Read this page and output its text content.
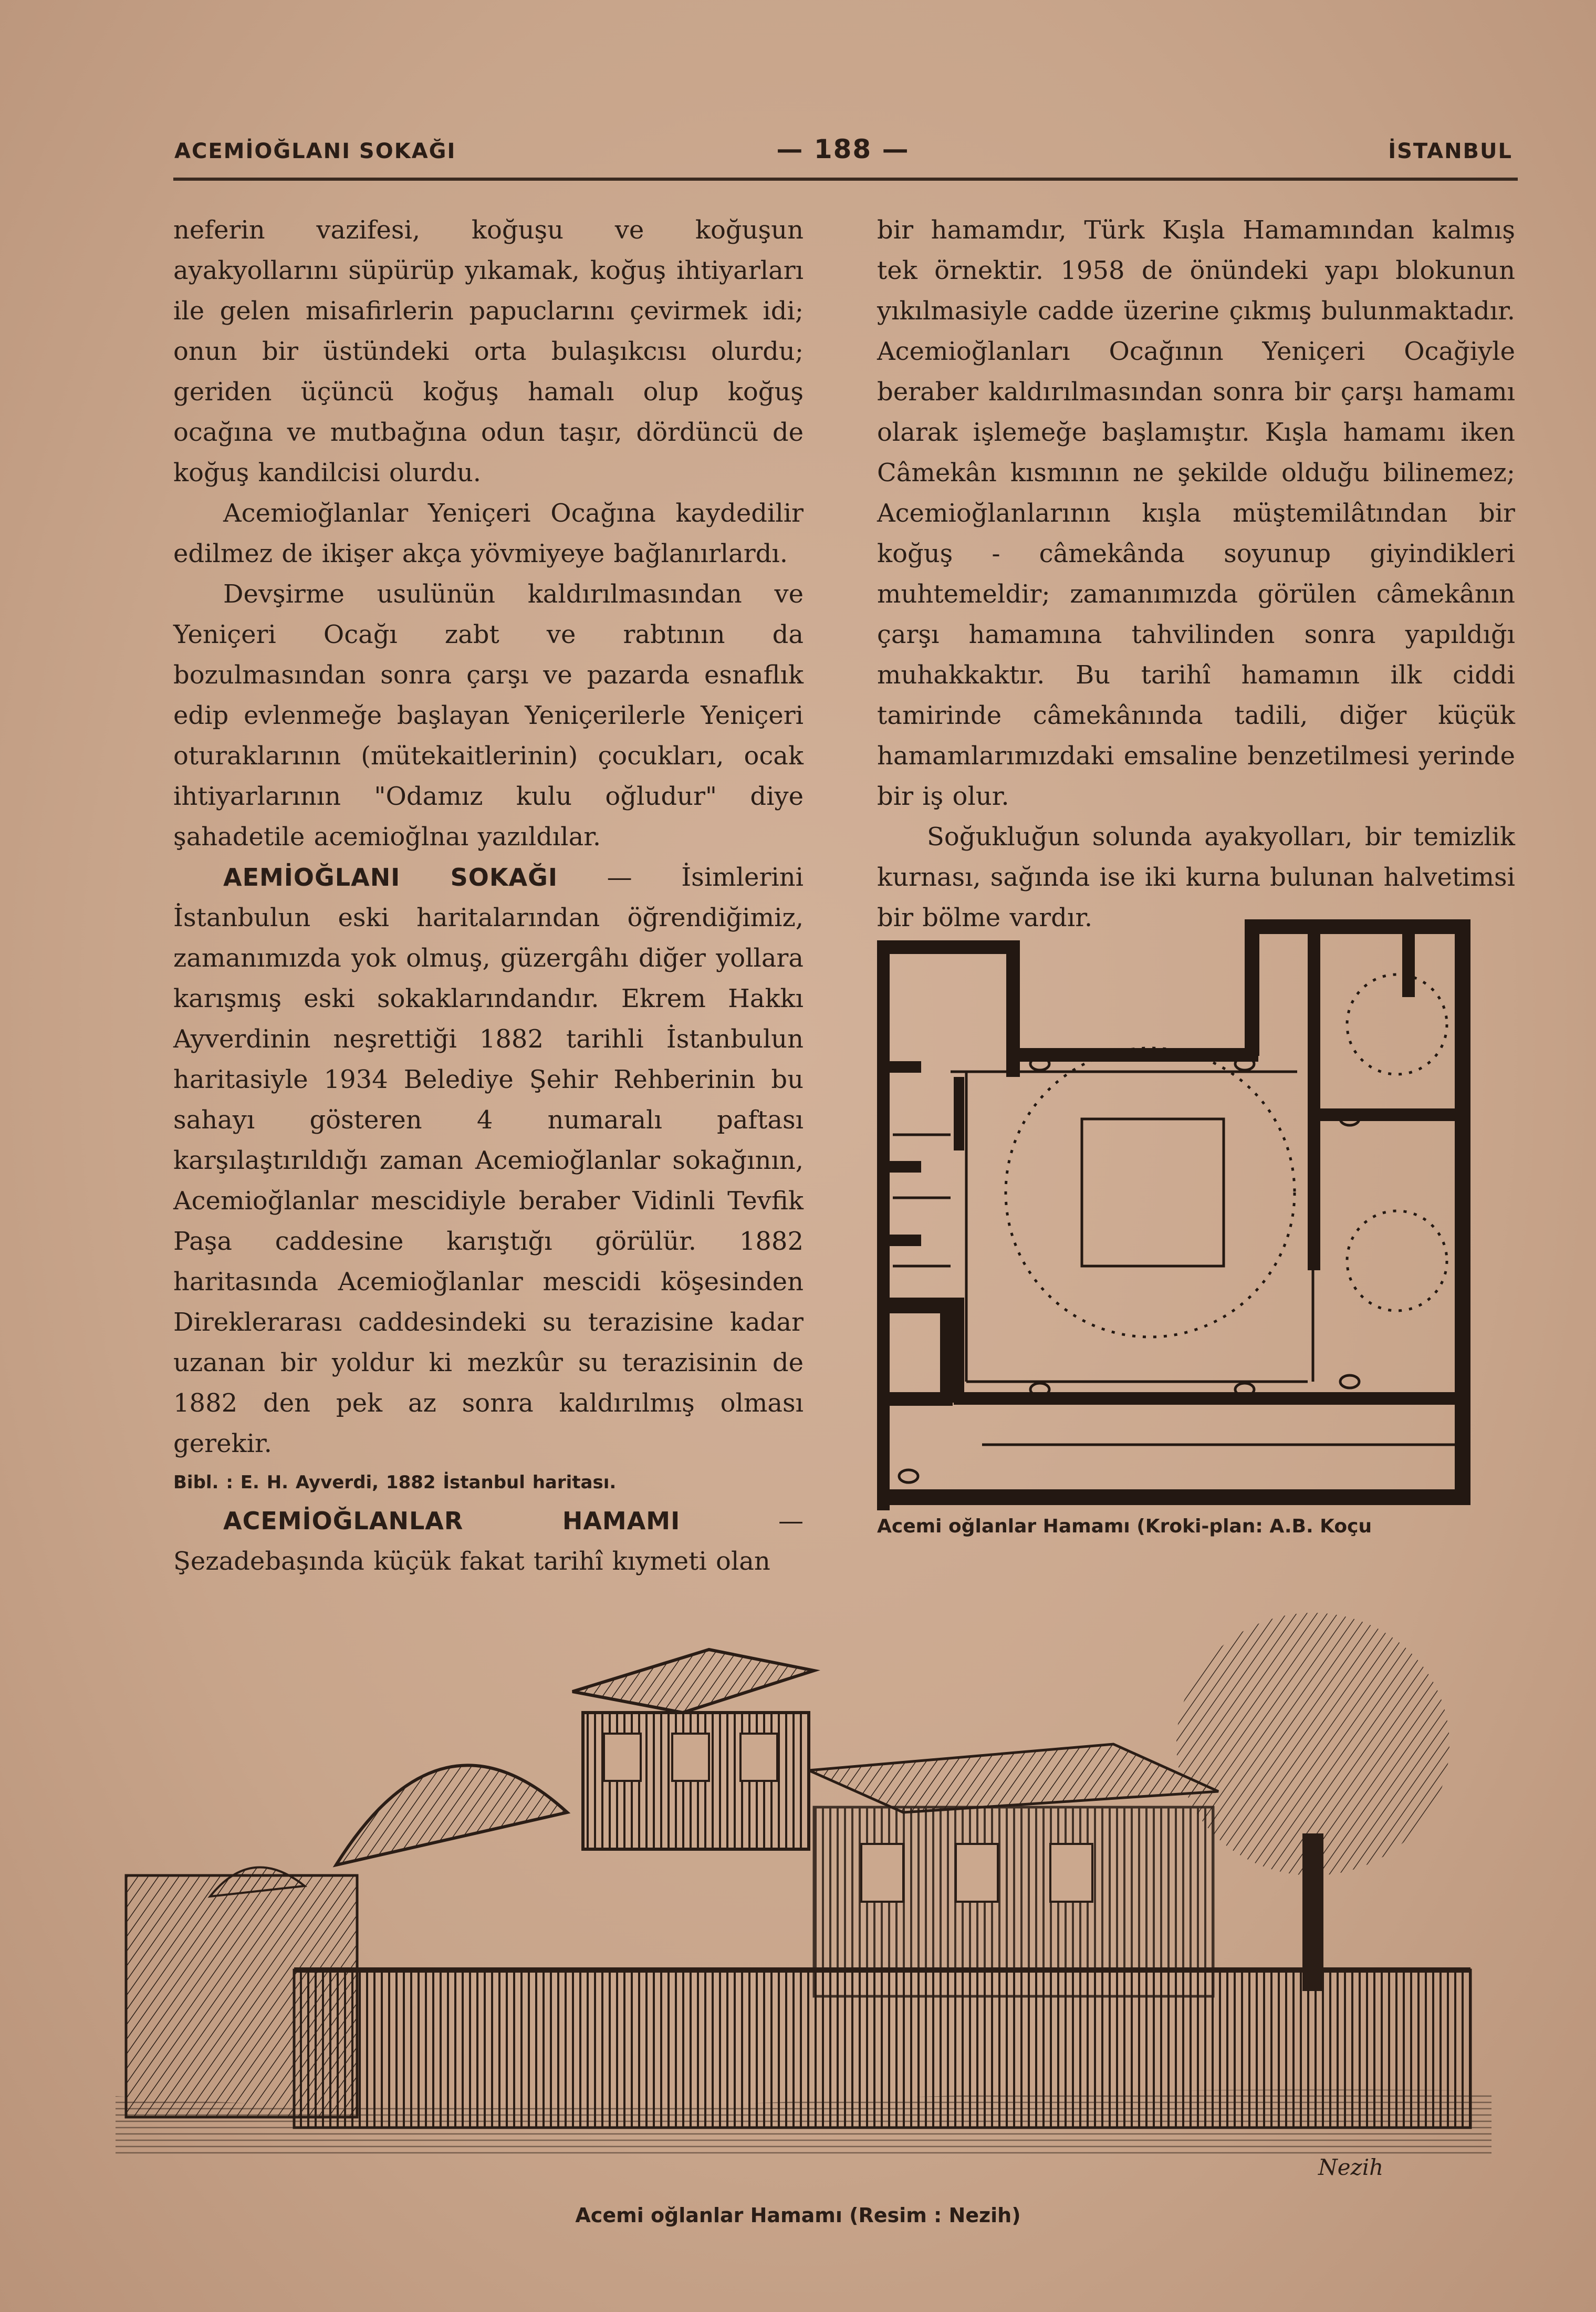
ACEMİOĞLANI SOKAĞI	— 188 —	İSTANBUL

neferin vazifesi, koğuşu ve koğuşun ayakyollarını süpürüp yıkamak, koğuş ihtiyarları ile gelen misafirlerin papuclarını çevirmek idi; onun bir üstündeki orta bulaşıkcısı olurdu; geriden üçüncü koğuş hamalı olup koğuş ocağına ve mutbağına odun taşır, dördüncü de koğuş kandilcisi olurdu.

Acemioğlanlar Yeniçeri Ocağına kaydedilir edilmez de ikişer akça yövmiyeye bağlanırlardı.

Devşirme usulünün kaldırılmasından ve Yeniçeri Ocağı zabt ve rabtının da bozulmasından sonra çarşı ve pazarda esnaflık edip evlenmeğe başlayan Yeniçerilerle Yeniçeri oturaklarının (mütekaitlerinin) çocukları, ocak ihtiyarlarının "Odamız kulu oğludur" diye şahadetile acemioğlnaı yazıldılar.

AEMİOĞLANI SOKAĞI — İsimlerini İstanbulun eski haritalarından öğrendiğimiz, zamanımızda yok olmuş, güzergâhı diğer yollara karışmış eski sokaklarındandır. Ekrem Hakkı Ayverdinin neşrettiği 1882 tarihli İstanbulun haritasiyle 1934 Belediye Şehir Rehberinin bu sahayı gösteren 4 numaralı paftası karşılaştırıldığı zaman Acemioğlanlar sokağının, Acemioğlanlar mescidiyle beraber Vidinli Tevfik Paşa caddesine karıştığı görülür. 1882 haritasında Acemioğlanlar mescidi köşesinden Direklerarası caddesindeki su terazisine kadar uzanan bir yoldur ki mezkûr su terazisinin de 1882 den pek az sonra kaldırılmış olması gerekir.

Bibl. : E. H. Ayverdi, 1882 İstanbul haritası.

ACEMİOĞLANLAR HAMAMI	— Şezadebaşında küçük fakat tarihî kıymeti olan

bir hamamdır, Türk Kışla Hamamından kalmış tek örnektir. 1958 de önündeki yapı blokunun yıkılmasiyle cadde üzerine çıkmış bulunmaktadır. Acemioğlanları Ocağının Yeniçeri Ocağiyle beraber kaldırılmasından sonra bir çarşı hamamı olarak işlemeğe başlamıştır. Kışla hamamı iken Câmekân kısmının ne şekilde olduğu bilinemez; Acemioğlanlarının kışla müştemilâtından bir koğuş - câmekânda soyunup giyindikleri muhtemeldir; zamanımızda görülen câmekânın çarşı hamamına tahvilinden sonra yapıldığı muhakkaktır. Bu tarihî hamamın ilk ciddi tamirinde câmekânında tadili, diğer küçük hamamlarımızdaki emsaline benzetilmesi yerinde bir iş olur.

Soğukluğun solunda ayakyolları, bir temizlik kurnası, sağında ise iki kurna bulunan halvetimsi bir bölme vardır.

Acemi oğlanlar Hamamı (Kroki-plan: A.B. Koçu
Nezih
Acemi oğlanlar Hamamı (Resim : Nezih)
